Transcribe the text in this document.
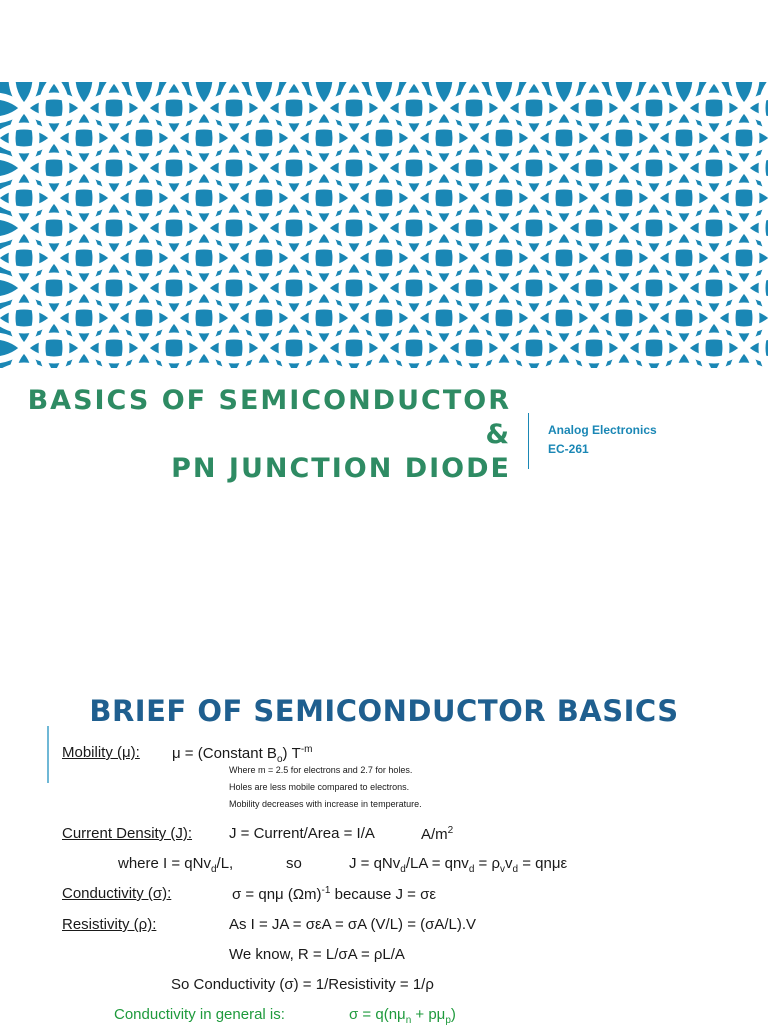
BASICS OF SEMICONDUCTOR
&
PN JUNCTION DIODE
Analog Electronics
EC-261
BRIEF OF SEMICONDUCTOR BASICS
Mobility (μ): μ = (Constant $B_o$) $T^{-m}$
Where m = 2.5 for electrons and 2.7 for holes.
Holes are less mobile compared to electrons.
Mobility decreases with increase in temperature.
Current Density (J): J = Current/Area = I/A	$A/m^2$
where I = qNv$_d$/L,	so	$J = qNv_d/LA = qnv_d = \rho_vv_d = qn\mu\varepsilon$
Conductivity (σ):	σ = qnμ $(\Omega m)^{-1}$ because J = σε
Resistivity (ρ):	As I = JA = σεA = σA (V/L) = (σA/L).V
We know, R = L/σA = ρL/A
So Conductivity (σ) = 1/Resistivity = 1/ρ
Conductivity in general is:	$\sigma = q(n\mu_n + p\mu_p)$
